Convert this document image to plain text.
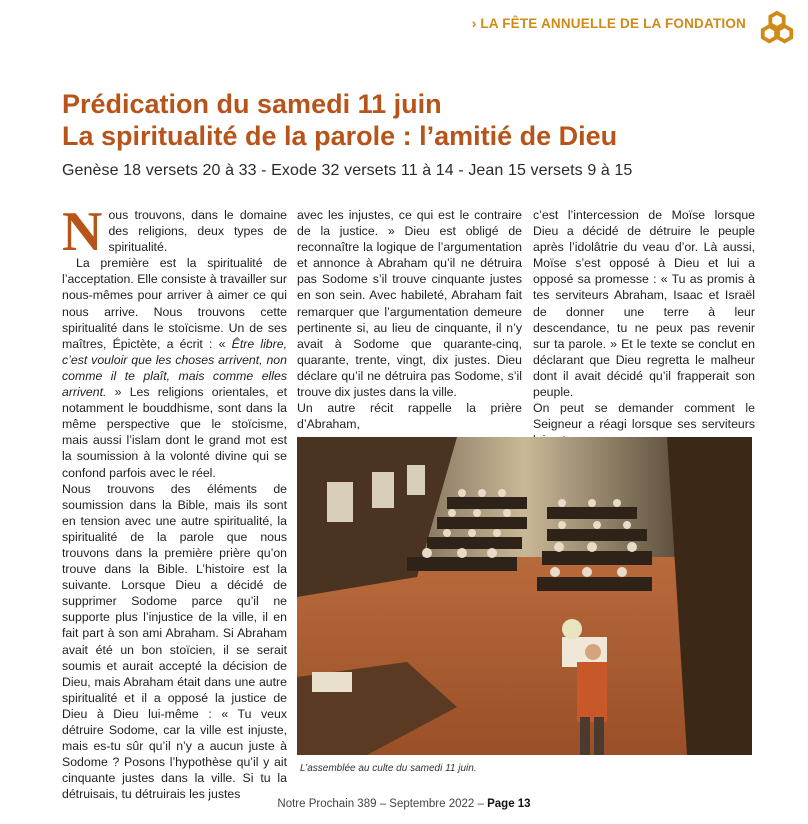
› LA FÊTE ANNUELLE DE LA FONDATION
Prédication du samedi 11 juin
La spiritualité de la parole : l’amitié de Dieu
Genèse 18 versets 20 à 33 - Exode 32 versets 11 à 14 - Jean 15 versets 9 à 15
N ous trouvons, dans le domaine des religions, deux types de spiritualité.

La première est la spiritualité de l’acceptation. Elle consiste à travailler sur nous-mêmes pour arriver à aimer ce qui nous arrive. Nous trouvons cette spiritualité dans le stoïcisme. Un de ses maîtres, Épictète, a écrit : « Être libre, c’est vouloir que les choses arrivent, non comme il te plaît, mais comme elles arrivent. » Les religions orientales, et notamment le bouddhisme, sont dans la même perspective que le stoïcisme, mais aussi l’islam dont le grand mot est la soumission à la volonté divine qui se confond parfois avec le réel.

Nous trouvons des éléments de soumission dans la Bible, mais ils sont en tension avec une autre spiritualité, la spiritualité de la parole que nous trouvons dans la première prière qu’on trouve dans la Bible. L’histoire est la suivante. Lorsque Dieu a décidé de supprimer Sodome parce qu’il ne supporte plus l’injustice de la ville, il en fait part à son ami Abraham. Si Abraham avait été un bon stoïcien, il se serait soumis et aurait accepté la décision de Dieu, mais Abraham était dans une autre spiritualité et il a opposé la justice de Dieu à Dieu lui-même : « Tu veux détruire Sodome, car la ville est injuste, mais es-tu sûr qu’il n’y a aucun juste à Sodome ? Posons l’hypothèse qu’il y ait cinquante justes dans la ville. Si tu la détruisais, tu détruirais les justes

avec les injustes, ce qui est le contraire de la justice. » Dieu est obligé de reconnaître la logique de l’argumentation et annonce à Abraham qu’il ne détruira pas Sodome s’il trouve cinquante justes en son sein. Avec habileté, Abraham fait remarquer que l’argumentation demeure pertinente si, au lieu de cinquante, il n’y avait à Sodome que quarante-cinq, quarante, trente, vingt, dix justes. Dieu déclare qu’il ne détruira pas Sodome, s’il trouve dix justes dans la ville.

Un autre récit rappelle la prière d’Abraham,

c’est l’intercession de Moïse lorsque Dieu a décidé de détruire le peuple après l’idolâtrie du veau d’or. Là aussi, Moïse s’est opposé à Dieu et lui a opposé sa promesse : « Tu as promis à tes serviteurs Abraham, Isaac et Israël de donner une terre à leur descendance, tu ne peux pas revenir sur ta parole. » Et le texte se conclut en déclarant que Dieu regretta le malheur dont il avait décidé qu’il frapperait son peuple.

On peut se demander comment le Seigneur a réagi lorsque ses serviteurs

L’assemblée au culte du samedi 11 juin.
Notre Prochain 389 – Septembre 2022 – Page 13
